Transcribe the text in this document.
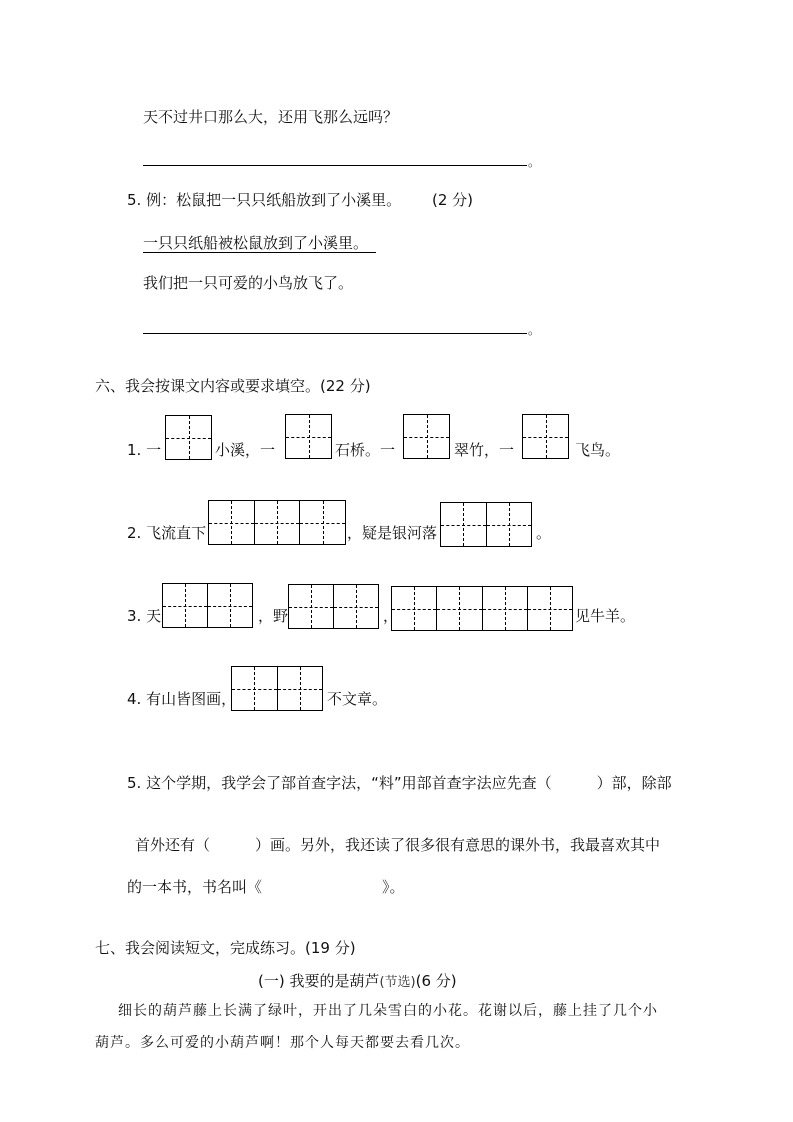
天不过井口那么大，还用飞那么远吗？
。
5. 例：松鼠把一只只纸船放到了小溪里。 (2 分)
一只只纸船被松鼠放到了小溪里。
我们把一只可爱的小鸟放飞了。
。
六、我会按课文内容或要求填空。(22 分)
1. 一	小溪，一	石桥。一	翠竹，一	飞鸟。
2. 飞流直下	，疑是银河落	。
3. 天	，野	，	见牛羊。
4. 有山皆图画，	不文章。
5. 这个学期，我学会了部首查字法，“料”用部首查字法应先查（　　　）部，除部
首外还有（　　　）画。另外，我还读了很多很有意思的课外书，我最喜欢其中
的一本书，书名叫《　　　　　　　　》。
七、我会阅读短文，完成练习。(19 分)
(一) 我要的是葫芦(节选)(6 分)
细长的葫芦藤上长满了绿叶，开出了几朵雪白的小花。花谢以后，藤上挂了几个小
葫芦。多么可爱的小葫芦啊！那个人每天都要去看几次。
